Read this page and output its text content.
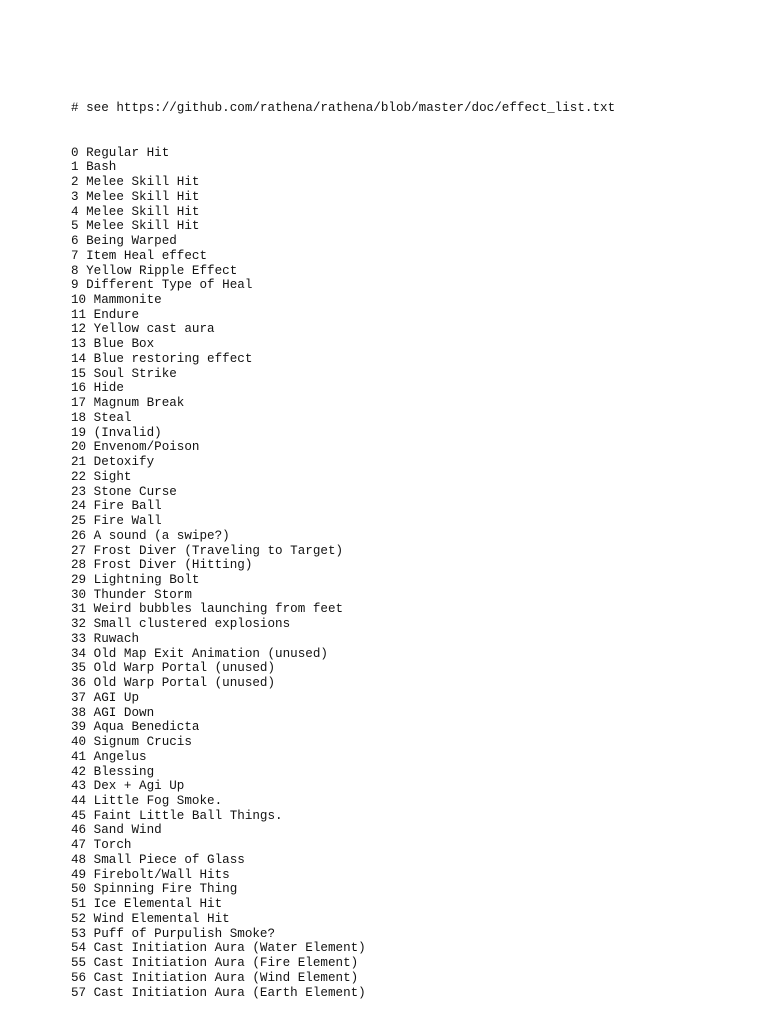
# see https://github.com/rathena/rathena/blob/master/doc/effect_list.txt

0 Regular Hit
1 Bash
2 Melee Skill Hit
3 Melee Skill Hit
4 Melee Skill Hit
5 Melee Skill Hit
6 Being Warped
7 Item Heal effect
8 Yellow Ripple Effect
9 Different Type of Heal
10 Mammonite
11 Endure
12 Yellow cast aura
13 Blue Box
14 Blue restoring effect
15 Soul Strike
16 Hide
17 Magnum Break
18 Steal
19 (Invalid)
20 Envenom/Poison
21 Detoxify
22 Sight
23 Stone Curse
24 Fire Ball
25 Fire Wall
26 A sound (a swipe?)
27 Frost Diver (Traveling to Target)
28 Frost Diver (Hitting)
29 Lightning Bolt
30 Thunder Storm
31 Weird bubbles launching from feet
32 Small clustered explosions
33 Ruwach
34 Old Map Exit Animation (unused)
35 Old Warp Portal (unused)
36 Old Warp Portal (unused)
37 AGI Up
38 AGI Down
39 Aqua Benedicta
40 Signum Crucis
41 Angelus
42 Blessing
43 Dex + Agi Up
44 Little Fog Smoke.
45 Faint Little Ball Things.
46 Sand Wind
47 Torch
48 Small Piece of Glass
49 Firebolt/Wall Hits
50 Spinning Fire Thing
51 Ice Elemental Hit
52 Wind Elemental Hit
53 Puff of Purpulish Smoke?
54 Cast Initiation Aura (Water Element)
55 Cast Initiation Aura (Fire Element)
56 Cast Initiation Aura (Wind Element)
57 Cast Initiation Aura (Earth Element)
